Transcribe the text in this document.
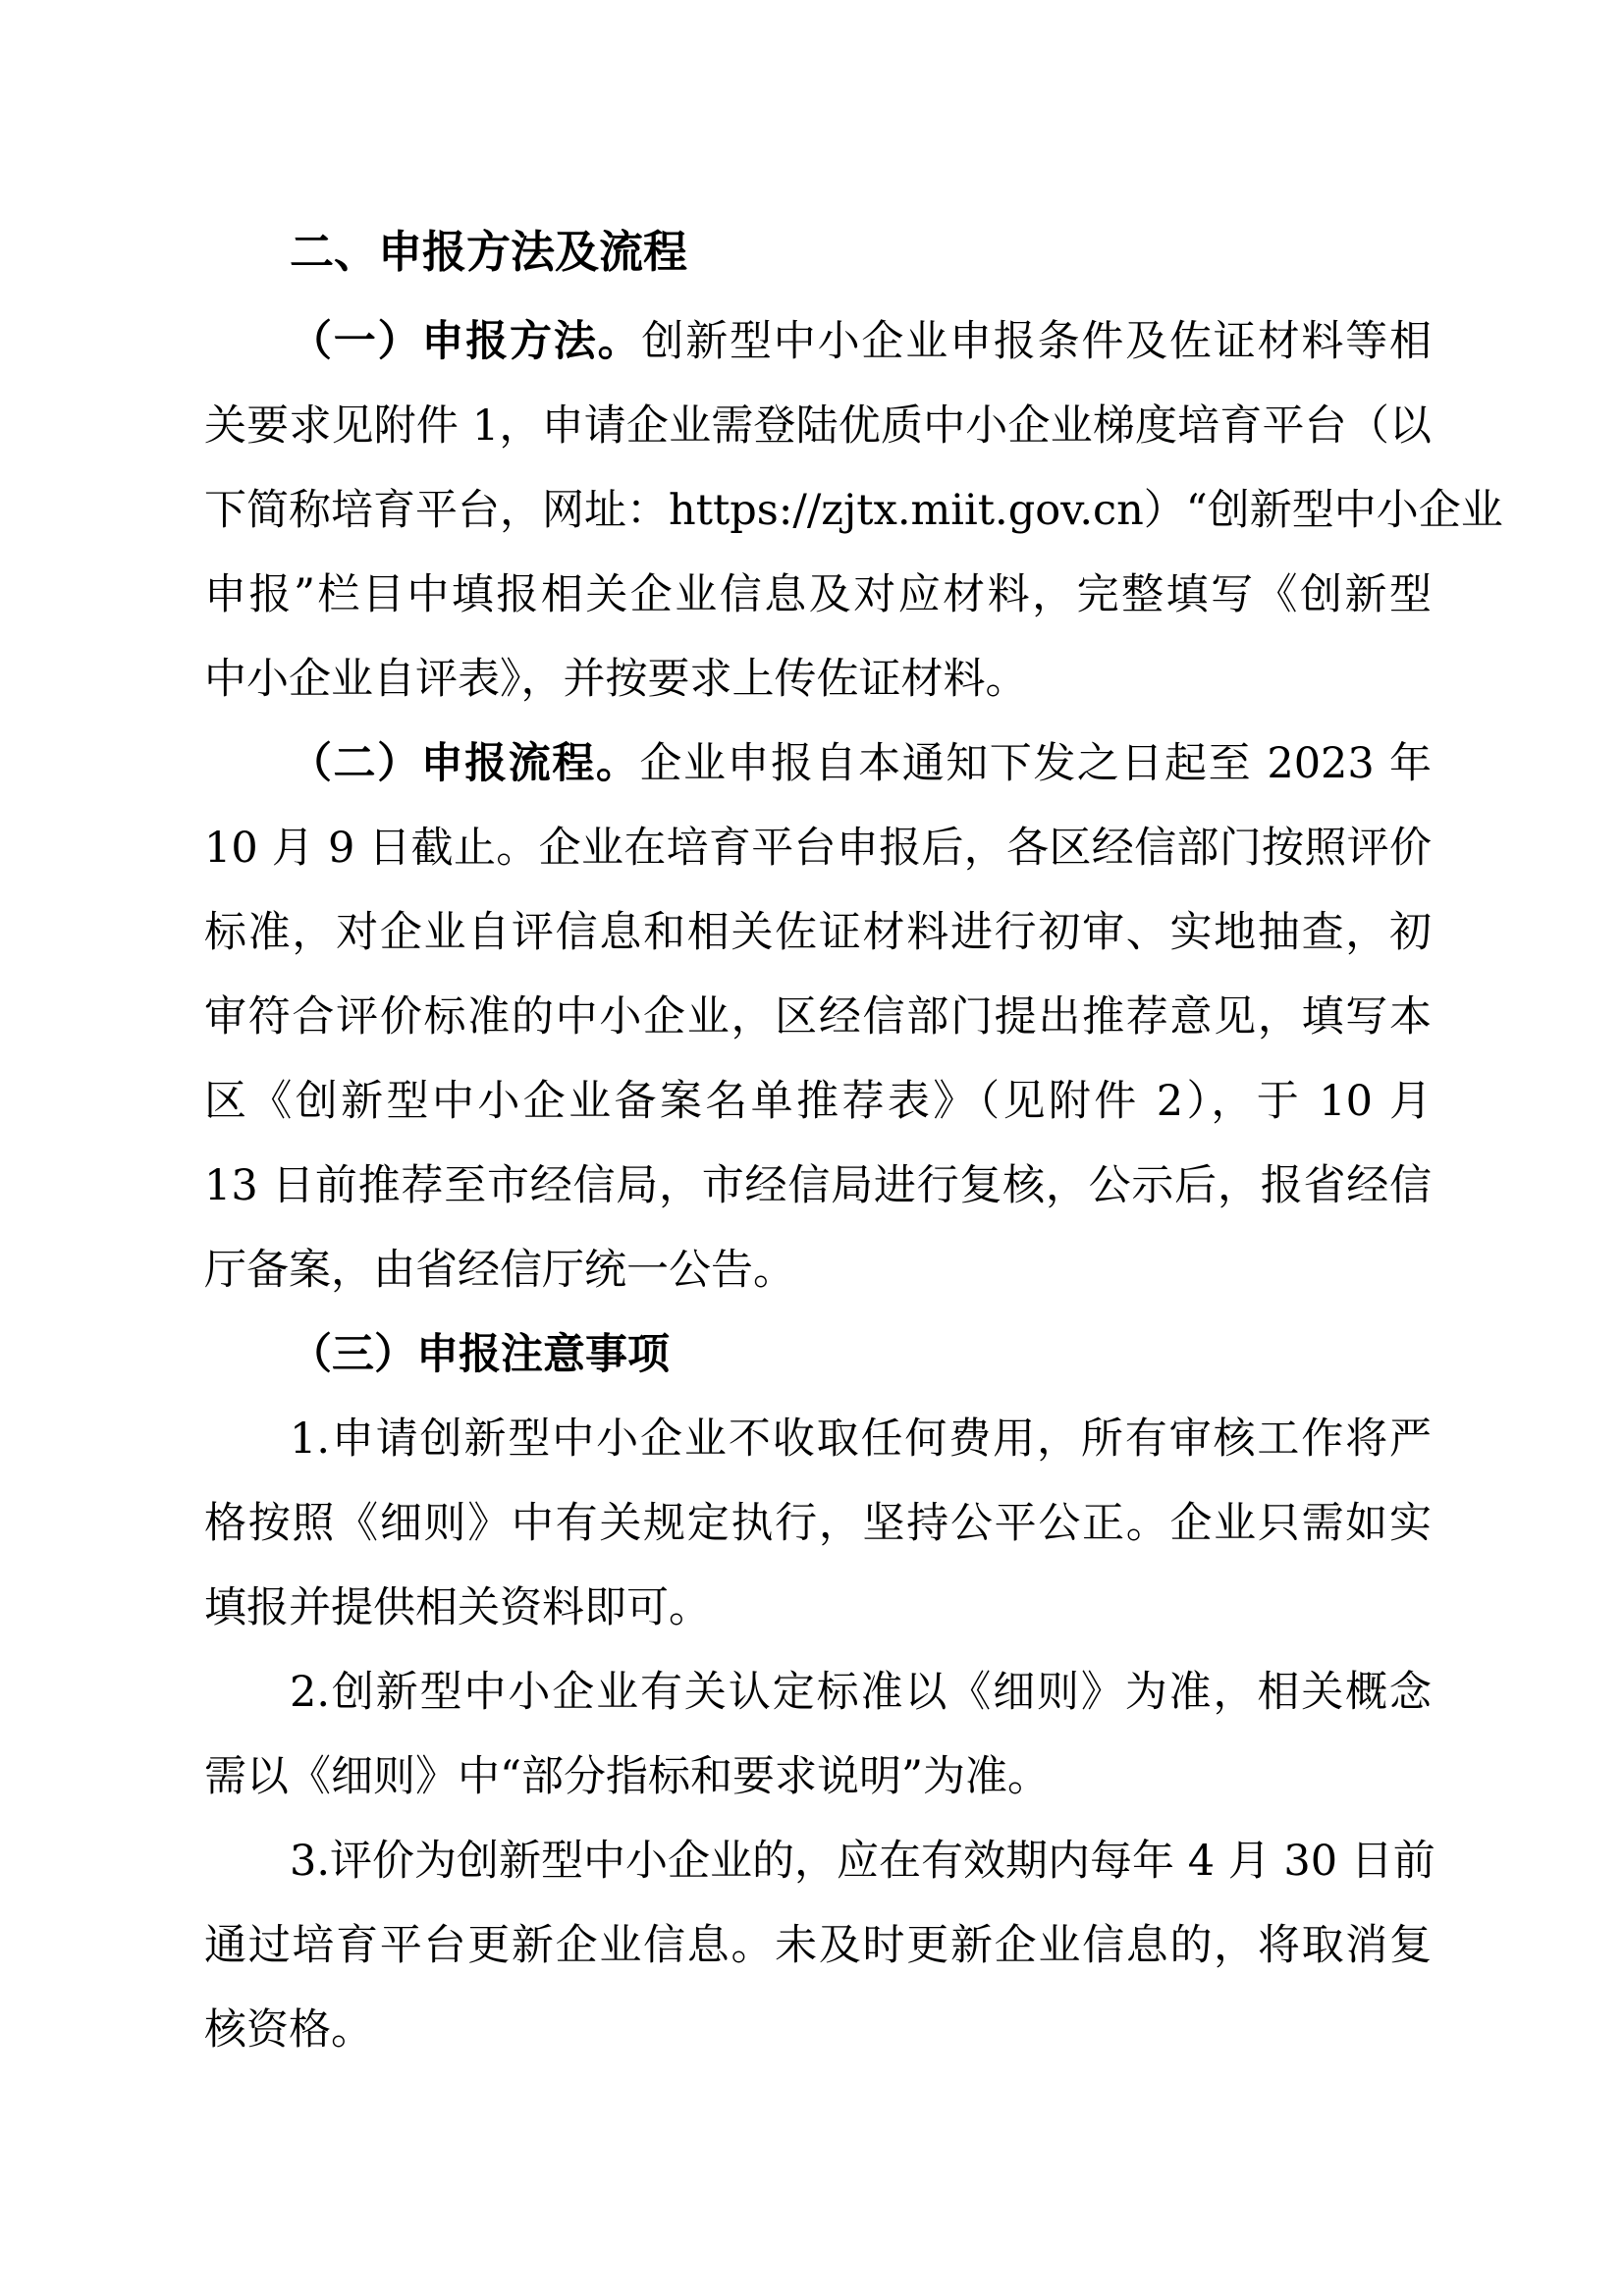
二、申报方法及流程
（一）申报方法。创新型中小企业申报条件及佐证材料等相
关要求见附件 1，申请企业需登陆优质中小企业梯度培育平台（以
下简称培育平台，网址：https://zjtx.miit.gov.cn）“创新型中小企业
申报”栏目中填报相关企业信息及对应材料，完整填写《创新型
中小企业自评表》，并按要求上传佐证材料。
（二）申报流程。企业申报自本通知下发之日起至 2023 年
10 月 9 日截止。企业在培育平台申报后，各区经信部门按照评价
标准，对企业自评信息和相关佐证材料进行初审、实地抽查，初
审符合评价标准的中小企业，区经信部门提出推荐意见，填写本
区《创新型中小企业备案名单推荐表》（见附件 2），于 10 月
13 日前推荐至市经信局，市经信局进行复核，公示后，报省经信
厅备案，由省经信厅统一公告。
（三）申报注意事项
1.申请创新型中小企业不收取任何费用，所有审核工作将严
格按照《细则》中有关规定执行，坚持公平公正。企业只需如实
填报并提供相关资料即可。
2.创新型中小企业有关认定标准以《细则》为准，相关概念
需以《细则》中“部分指标和要求说明”为准。
3.评价为创新型中小企业的，应在有效期内每年 4 月 30 日前
通过培育平台更新企业信息。未及时更新企业信息的，将取消复
核资格。
